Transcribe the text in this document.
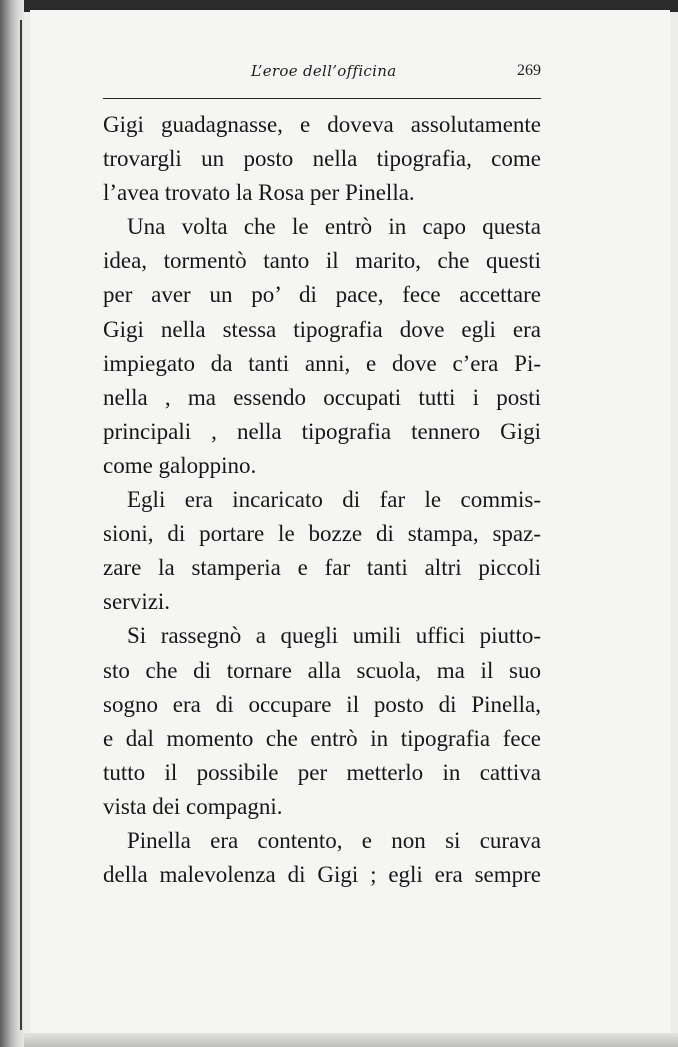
L’eroe dell’officina	269
Gigi guadagnasse, e doveva assolutamente
trovargli un posto nella tipografia, come
l’avea trovato la Rosa per Pinella.
Una volta che le entrò in capo questa
idea, tormentò tanto il marito, che questi
per aver un po’ di pace, fece accettare
Gigi nella stessa tipografia dove egli era
impiegato da tanti anni, e dove c’era Pi-
nella , ma essendo occupati tutti i posti
principali , nella tipografia tennero Gigi
come galoppino.
Egli era incaricato di far le commis-
sioni, di portare le bozze di stampa, spaz-
zare la stamperia e far tanti altri piccoli
servizi.
Si rassegnò a quegli umili uffici piutto-
sto che di tornare alla scuola, ma il suo
sogno era di occupare il posto di Pinella,
e dal momento che entrò in tipografia fece
tutto il possibile per metterlo in cattiva
vista dei compagni.
Pinella era contento, e non si curava
della malevolenza di Gigi ; egli era sempre
